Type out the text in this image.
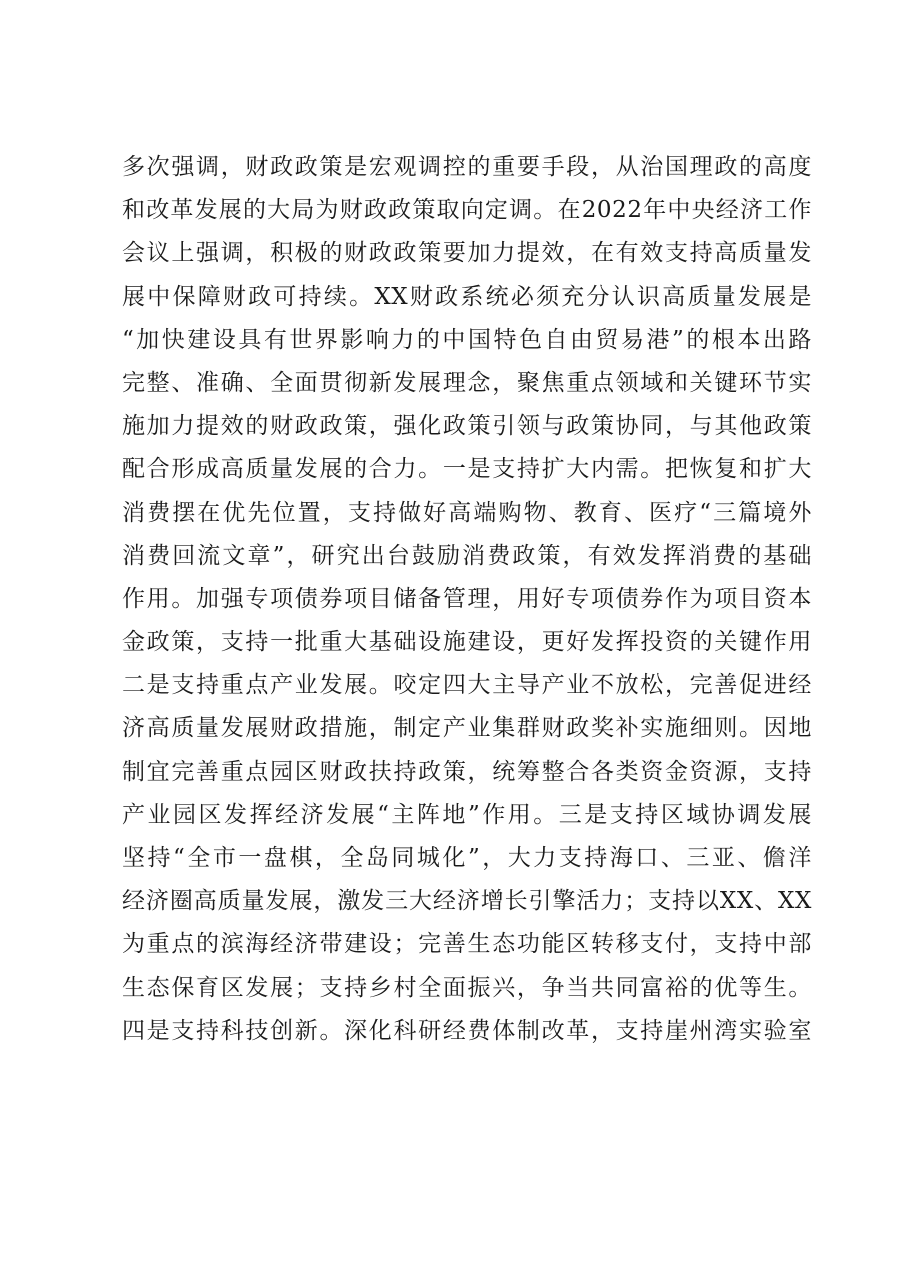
多次强调，财政政策是宏观调控的重要手段，从治国理政的高度
和改革发展的大局为财政政策取向定调。在2022年中央经济工作
会议上强调，积极的财政政策要加力提效，在有效支持高质量发
展中保障财政可持续。XX财政系统必须充分认识高质量发展是
“加快建设具有世界影响力的中国特色自由贸易港”的根本出路
完整、准确、全面贯彻新发展理念，聚焦重点领域和关键环节实
施加力提效的财政政策，强化政策引领与政策协同，与其他政策
配合形成高质量发展的合力。一是支持扩大内需。把恢复和扩大
消费摆在优先位置，支持做好高端购物、教育、医疗“三篇境外
消费回流文章”，研究出台鼓励消费政策，有效发挥消费的基础
作用。加强专项债券项目储备管理，用好专项债券作为项目资本
金政策，支持一批重大基础设施建设，更好发挥投资的关键作用
二是支持重点产业发展。咬定四大主导产业不放松，完善促进经
济高质量发展财政措施，制定产业集群财政奖补实施细则。因地
制宜完善重点园区财政扶持政策，统筹整合各类资金资源，支持
产业园区发挥经济发展“主阵地”作用。三是支持区域协调发展
坚持“全市一盘棋，全岛同城化”，大力支持海口、三亚、儋洋
经济圈高质量发展，激发三大经济增长引擎活力；支持以XX、XX
为重点的滨海经济带建设；完善生态功能区转移支付，支持中部
生态保育区发展；支持乡村全面振兴，争当共同富裕的优等生。
四是支持科技创新。深化科研经费体制改革，支持崖州湾实验室
